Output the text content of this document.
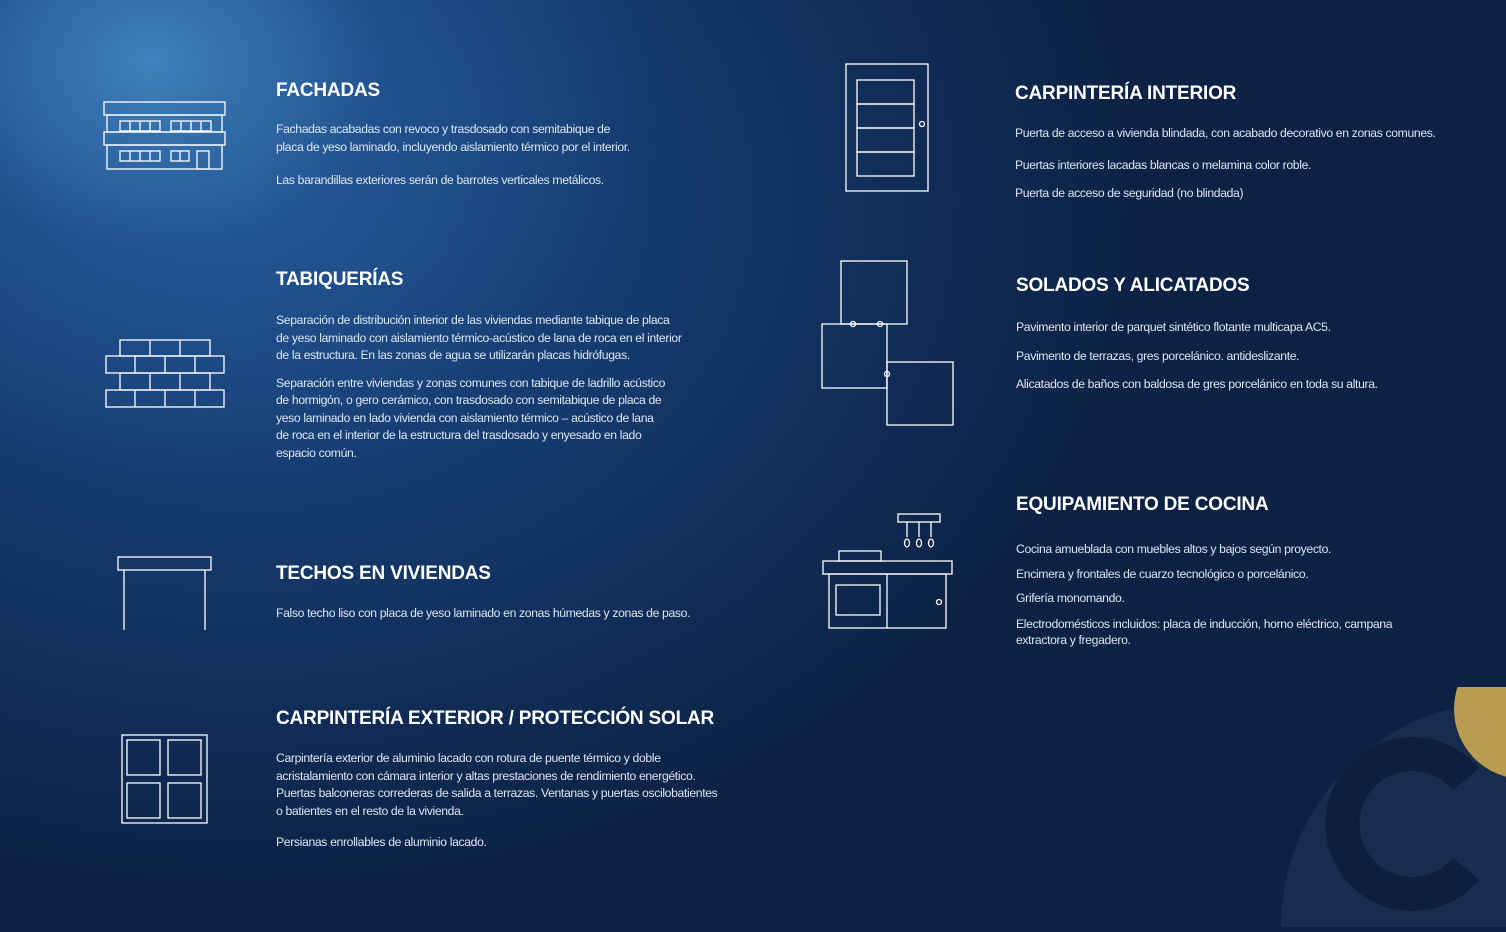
FACHADAS

Fachadas acabadas con revoco y trasdosado con semitabique de

placa de yeso laminado, incluyendo aislamiento térmico por el interior.

Las barandillas exteriores serán de barrotes verticales metálicos.

TABIQUERÍAS

Separación de distribución interior de las viviendas mediante tabique de placa

de yeso laminado con aislamiento térmico-acústico de lana de roca en el interior

de la estructura. En las zonas de agua se utilizarán placas hidrófugas.

Separación entre viviendas y zonas comunes con tabique de ladrillo acústico

de hormigón, o gero cerámico, con trasdosado con semitabique de placa de

yeso laminado en lado vivienda con aislamiento térmico – acústico de lana

de roca en el interior de la estructura del trasdosado y enyesado en lado

espacio común.

TECHOS EN VIVIENDAS

Falso techo liso con placa de yeso laminado en zonas húmedas y zonas de paso.

CARPINTERÍA EXTERIOR / PROTECCIÓN SOLAR

Carpintería exterior de aluminio lacado con rotura de puente térmico y doble

acristalamiento con cámara interior y altas prestaciones de rendimiento energético.

Puertas balconeras correderas de salida a terrazas. Ventanas y puertas oscilobatientes

o batientes en el resto de la vivienda.

Persianas enrollables de aluminio lacado.

CARPINTERÍA INTERIOR

Puerta de acceso a vivienda blindada, con acabado decorativo en zonas comunes.

Puertas interiores lacadas blancas o melamina color roble.

Puerta de acceso de seguridad (no blindada)

SOLADOS Y ALICATADOS

Pavimento interior de parquet sintético flotante multicapa AC5.

Pavimento de terrazas, gres porcelánico. antideslizante.

Alicatados de baños con baldosa de gres porcelánico en toda su altura.

EQUIPAMIENTO DE COCINA

Cocina amueblada con muebles altos y bajos según proyecto.

Encimera y frontales de cuarzo tecnológico o porcelánico.

Grifería monomando.

Electrodomésticos incluidos: placa de inducción, horno eléctrico, campana

extractora y fregadero.
